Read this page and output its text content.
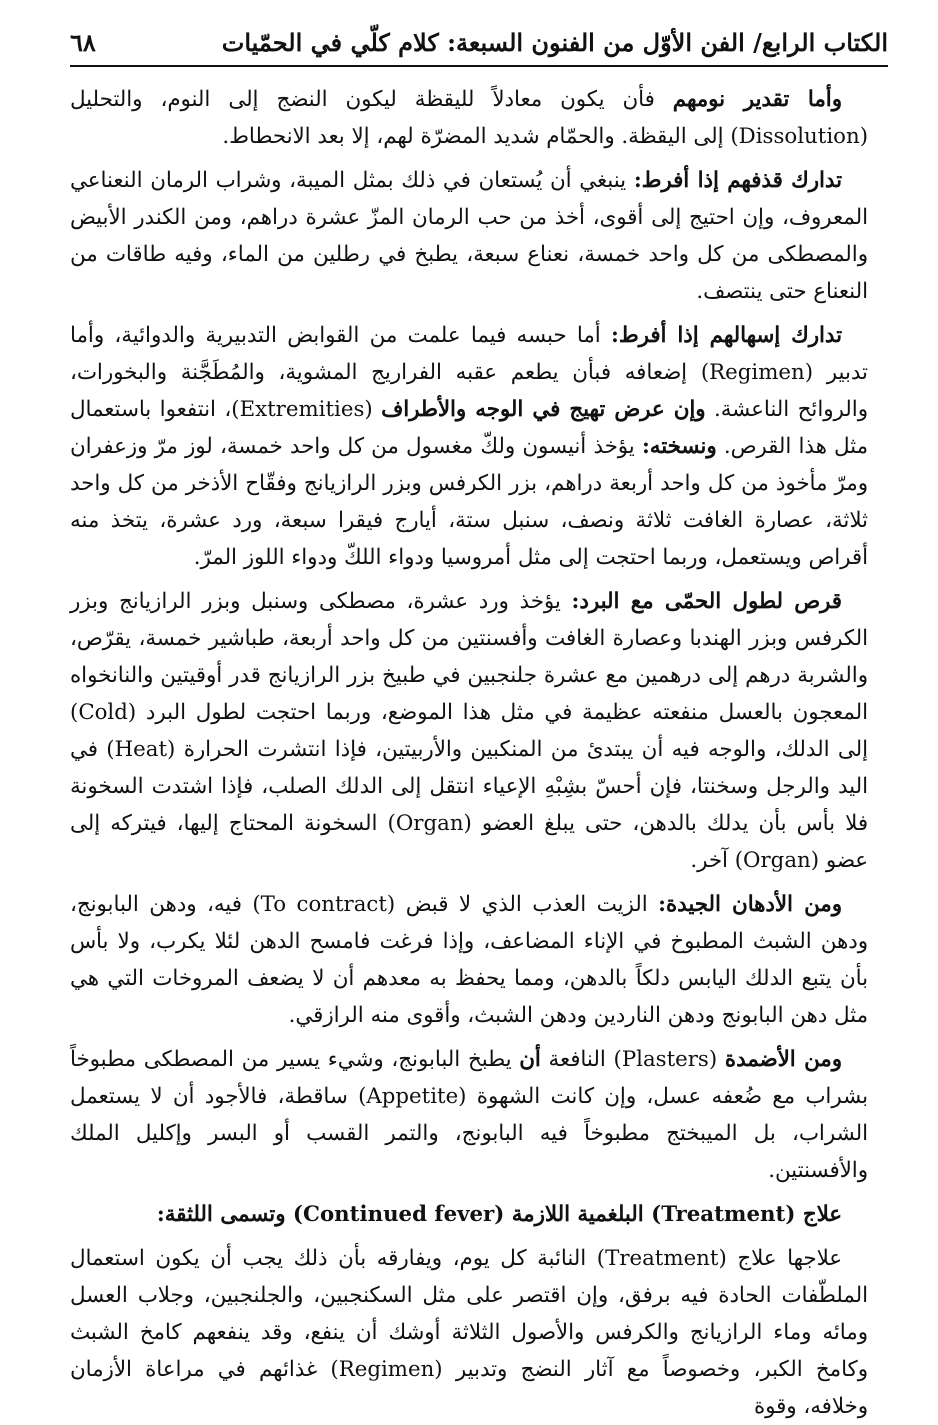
الكتاب الرابع/ الفن الأوّل من الفنون السبعة: كلام كلّي في الحمّيات
٦٨

وأما تقدير نومهم فأن يكون معادلاً لليقظة ليكون النضج إلى النوم، والتحليل (Dissolution) إلى اليقظة. والحمّام شديد المضرّة لهم، إلا بعد الانحطاط.

تدارك قذفهم إذا أفرط: ينبغي أن يُستعان في ذلك بمثل الميبة، وشراب الرمان النعناعي المعروف، وإن احتيج إلى أقوى، أخذ من حب الرمان المزّ عشرة دراهم، ومن الكندر الأبيض والمصطكى من كل واحد خمسة، نعناع سبعة، يطبخ في رطلين من الماء، وفيه طاقات من النعناع حتى ينتصف.

تدارك إسهالهم إذا أفرط: أما حبسه فيما علمت من القوابض التدبيرية والدوائية، وأما تدبير (Regimen) إضعافه فبأن يطعم عقبه الفراريج المشوية، والمُطَجَّنة والبخورات، والروائح الناعشة. وإن عرض تهيج في الوجه والأطراف (Extremities)، انتفعوا باستعمال مثل هذا القرص. ونسخته: يؤخذ أنيسون ولكّ مغسول من كل واحد خمسة، لوز مرّ وزعفران ومرّ مأخوذ من كل واحد أربعة دراهم، بزر الكرفس وبزر الرازيانج وفقّاح الأذخر من كل واحد ثلاثة، عصارة الغافت ثلاثة ونصف، سنبل ستة، أيارج فيقرا سبعة، ورد عشرة، يتخذ منه أقراص ويستعمل، وربما احتجت إلى مثل أمروسيا ودواء اللكّ ودواء اللوز المرّ.

قرص لطول الحمّى مع البرد: يؤخذ ورد عشرة، مصطكى وسنبل وبزر الرازيانج وبزر الكرفس وبزر الهندبا وعصارة الغافت وأفسنتين من كل واحد أربعة، طباشير خمسة، يقرّص، والشربة درهم إلى درهمين مع عشرة جلنجبين في طبيخ بزر الرازيانج قدر أوقيتين والنانخواه المعجون بالعسل منفعته عظيمة في مثل هذا الموضع، وربما احتجت لطول البرد (Cold) إلى الدلك، والوجه فيه أن يبتدئ من المنكبين والأربيتين، فإذا انتشرت الحرارة (Heat) في اليد والرجل وسخنتا، فإن أحسّ بشِبْهِ الإعياء انتقل إلى الدلك الصلب، فإذا اشتدت السخونة فلا بأس بأن يدلك بالدهن، حتى يبلغ العضو (Organ) السخونة المحتاج إليها، فيتركه إلى عضو (Organ) آخر.

ومن الأدهان الجيدة: الزيت العذب الذي لا قبض (To contract) فيه، ودهن البابونج، ودهن الشبث المطبوخ في الإناء المضاعف، وإذا فرغت فامسح الدهن لئلا يكرب، ولا بأس بأن يتبع الدلك اليابس دلكاً بالدهن، ومما يحفظ به معدهم أن لا يضعف المروخات التي هي مثل دهن البابونج ودهن الناردين ودهن الشبث، وأقوى منه الرازقي.

ومن الأضمدة (Plasters) النافعة أن يطبخ البابونج، وشيء يسير من المصطكى مطبوخاً بشراب مع ضُعفه عسل، وإن كانت الشهوة (Appetite) ساقطة، فالأجود أن لا يستعمل الشراب، بل الميبختج مطبوخاً فيه البابونج، والتمر القسب أو البسر وإكليل الملك والأفسنتين.

علاج (Treatment) البلغمية اللازمة (Continued fever) وتسمى اللثقة:

علاجها علاج (Treatment) النائبة كل يوم، ويفارقه بأن ذلك يجب أن يكون استعمال الملطّفات الحادة فيه برفق، وإن اقتصر على مثل السكنجبين، والجلنجبين، وجلاب العسل ومائه وماء الرازيانج والكرفس والأصول الثلاثة أوشك أن ينفع، وقد ينفعهم كامخ الشبث وكامخ الكبر، وخصوصاً مع آثار النضج وتدبير (Regimen) غذائهم في مراعاة الأزمان وخلافه، وقوة
